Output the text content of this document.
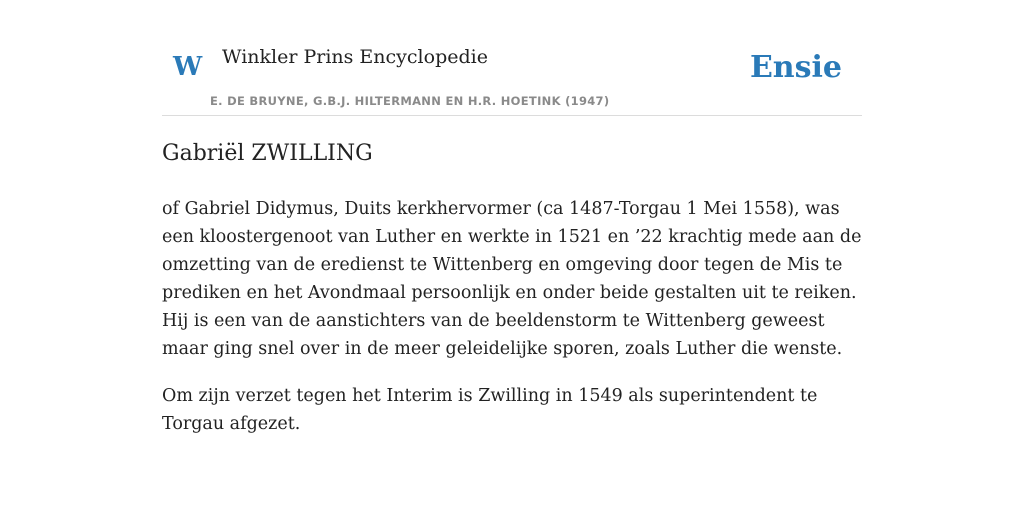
W Winkler Prins Encyclopedie
E. DE BRUYNE, G.B.J. HILTERMANN EN H.R. HOETINK (1947)
Ensie
Gabriël ZWILLING

of Gabriel Didymus, Duits kerkhervormer (ca 1487-Torgau 1 Mei 1558), was een kloostergenoot van Luther en werkte in 1521 en ’22 krachtig mede aan de omzetting van de eredienst te Wittenberg en omgeving door tegen de Mis te prediken en het Avondmaal persoonlijk en onder beide gestalten uit te reiken. Hij is een van de aanstichters van de beeldenstorm te Wittenberg geweest maar ging snel over in de meer geleidelijke sporen, zoals Luther die wenste.

Om zijn verzet tegen het Interim is Zwilling in 1549 als superintendent te Torgau afgezet.
